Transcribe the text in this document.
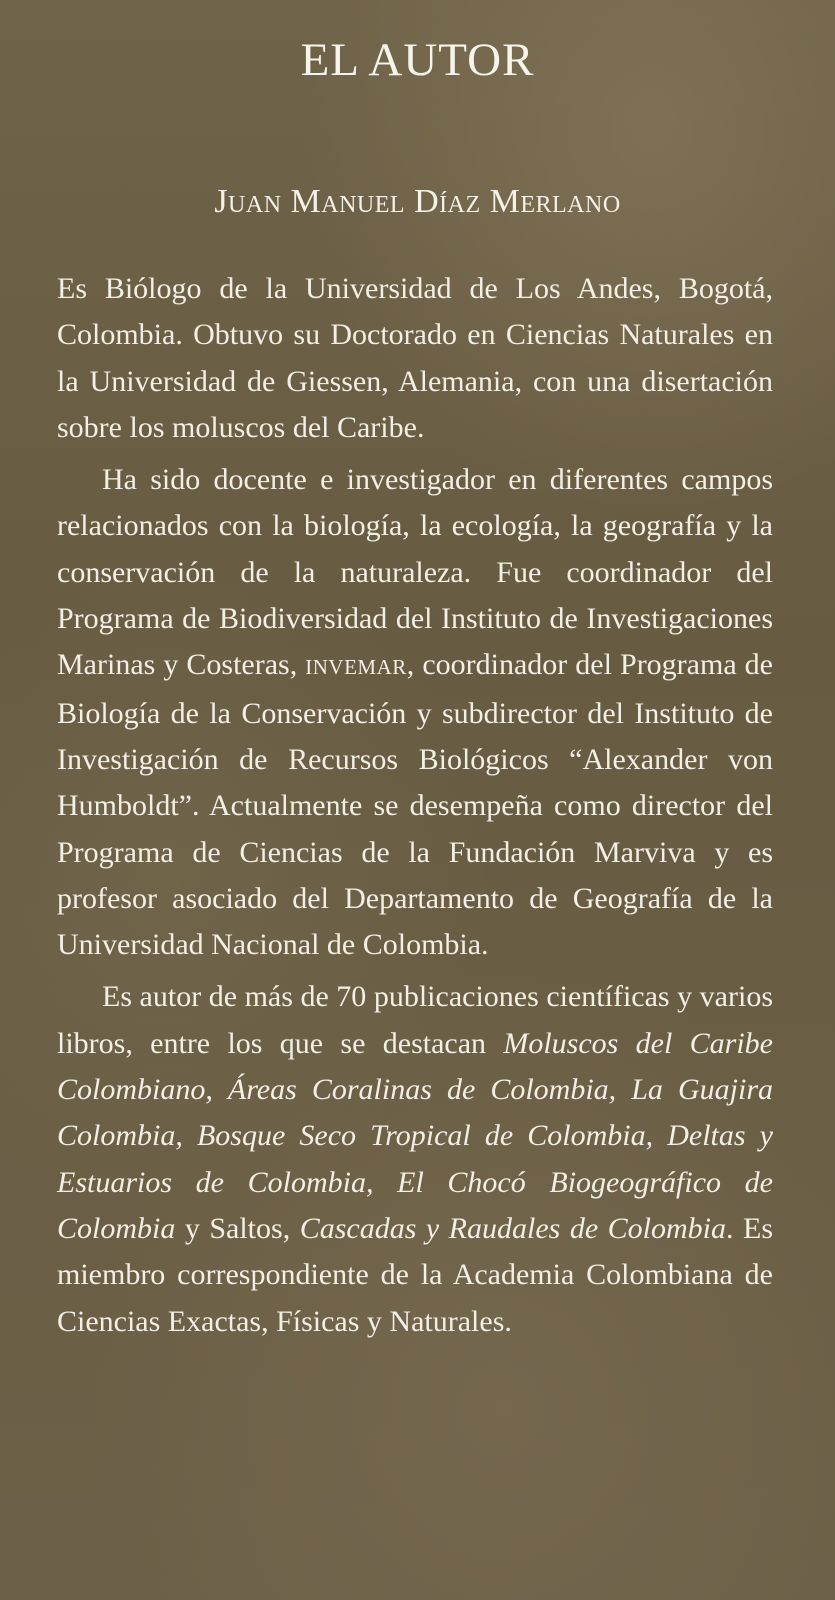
EL AUTOR
Juan Manuel Díaz Merlano

Es Biólogo de la Universidad de Los Andes, Bogotá, Colombia. Obtuvo su Doctorado en Ciencias Naturales en la Universidad de Giessen, Alemania, con una disertación sobre los moluscos del Caribe.

Ha sido docente e investigador en diferentes campos relacionados con la biología, la ecología, la geografía y la conservación de la naturaleza. Fue coordinador del Programa de Biodiversidad del Instituto de Investigaciones Marinas y Costeras, INVEMAR, coordinador del Programa de Biología de la Conservación y subdirector del Instituto de Investigación de Recursos Biológicos “Alexander von Humboldt”. Actualmente se desempeña como director del Programa de Ciencias de la Fundación Marviva y es profesor asociado del Departamento de Geografía de la Universidad Nacional de Colombia.

Es autor de más de 70 publicaciones científicas y varios libros, entre los que se destacan Moluscos del Caribe Colombiano, Áreas Coralinas de Colombia, La Guajira Colombia, Bosque Seco Tropical de Colombia, Deltas y Estuarios de Colombia, El Chocó Biogeográfico de Colombia y Saltos, Cascadas y Raudales de Colombia. Es miembro correspondiente de la Academia Colombiana de Ciencias Exactas, Físicas y Naturales.
